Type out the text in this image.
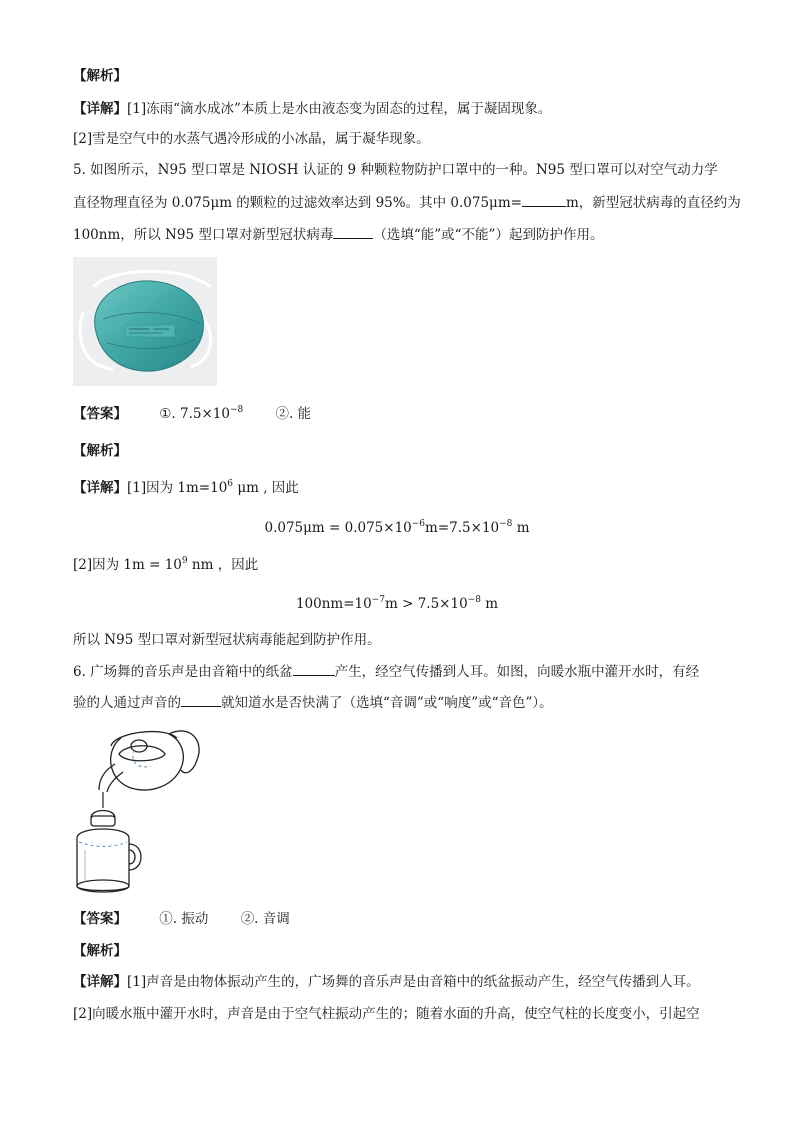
【解析】
【详解】[1]冻雨“滴水成冰”本质上是水由液态变为固态的过程，属于凝固现象。
[2]雪是空气中的水蒸气遇冷形成的小冰晶，属于凝华现象。
5. 如图所示，N95 型口罩是 NIOSH 认证的 9 种颗粒物防护口罩中的一种。N95 型口罩可以对空气动力学
直径物理直径为 0.075μm 的颗粒的过滤效率达到 95%。其中 0.075μm=	m，新型冠状病毒的直径约为
100nm，所以 N95 型口罩对新型冠状病毒	（选填“能”或“不能”）起到防护作用。
【答案】 ①. $7.5\times 10^{-8}$ ②. 能
【解析】
【详解】[1]因为 $1m=10^6$ μm , 因此
$0.075\mu m = 0.075\times 10^{-6}m=7.5\times 10^{-8}$ m
[2]因为 $1m = 10^9$ nm ，因此
$100nm=10^{-7}m > 7.5\times 10^{-8}$ m
所以 N95 型口罩对新型冠状病毒能起到防护作用。
6. 广场舞的音乐声是由音箱中的纸盆	产生，经空气传播到人耳。如图，向暖水瓶中灌开水时，有经
验的人通过声音的	就知道水是否快满了（选填“音调”或“响度”或“音色”）。
【答案】 ①. 振动 ②. 音调
【解析】
【详解】[1]声音是由物体振动产生的，广场舞的音乐声是由音箱中的纸盆振动产生，经空气传播到人耳。
[2]向暖水瓶中灌开水时，声音是由于空气柱振动产生的；随着水面的升高，使空气柱的长度变小，引起空
